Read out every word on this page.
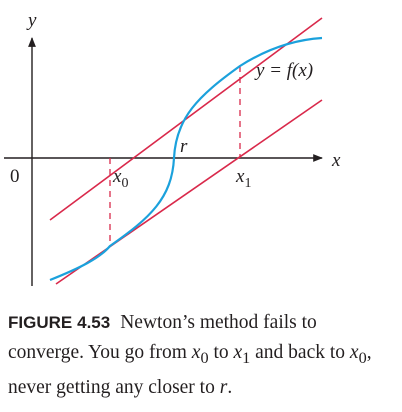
y
x
0
y = f(x)
r
$x_0$	$x_1$
FIGURE 4.53 Newton’s method fails to converge. You go from $x_0$ to $x_1$ and back to $x_0$, never getting any closer to r.
